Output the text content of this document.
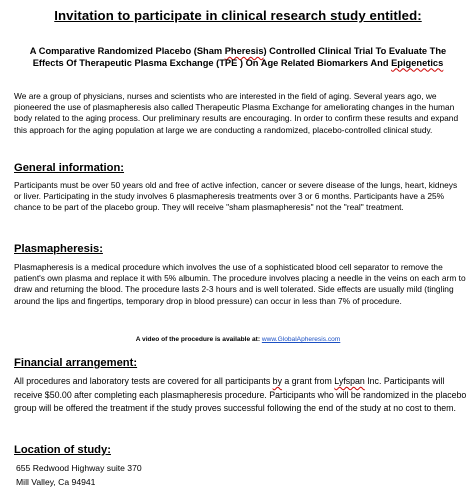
Invitation to participate in clinical research study entitled:
A Comparative Randomized Placebo (Sham Pheresis) Controlled Clinical Trial To Evaluate The Effects Of Therapeutic Plasma Exchange (TPE ) On Age Related Biomarkers And Epigenetics
We are a group of physicians, nurses and scientists who are interested in the field of aging. Several years ago, we pioneered the use of plasmapheresis also called Therapeutic Plasma Exchange for ameliorating changes in the human body related to the aging process. Our preliminary results are encouraging. In order to confirm these results and expand this approach for the aging population at large we are conducting a randomized, placebo-controlled clinical study.
General information:
Participants must be over 50 years old and free of active infection, cancer or severe disease of the lungs, heart, kidneys or liver. Participating in the study involves 6 plasmapheresis treatments over 3 or 6 months. Participants have a 25% chance to be part of the placebo group. They will receive "sham plasmapheresis" not the "real" treatment.
Plasmapheresis:
Plasmapheresis is a medical procedure which involves the use of a sophisticated blood cell separator to remove the patient's own plasma and replace it with 5% albumin. The procedure involves placing a needle in the veins on each arm to draw and returning the blood. The procedure lasts 2-3 hours and is well tolerated. Side effects are usually mild (tingling around the lips and fingertips, temporary drop in blood pressure) can occur in less than 7% of procedure.
A video of the procedure is available at: www.GlobalApheresis.com
Financial arrangement:
All procedures and laboratory tests are covered for all participants by a grant from Lyfspan Inc. Participants will receive $50.00 after completing each plasmapheresis procedure. Participants who will be randomized in the placebo group will be offered the treatment if the study proves successful following the end of the study at no cost to them.
Location of study:
655 Redwood Highway suite 370
Mill Valley, Ca 94941
